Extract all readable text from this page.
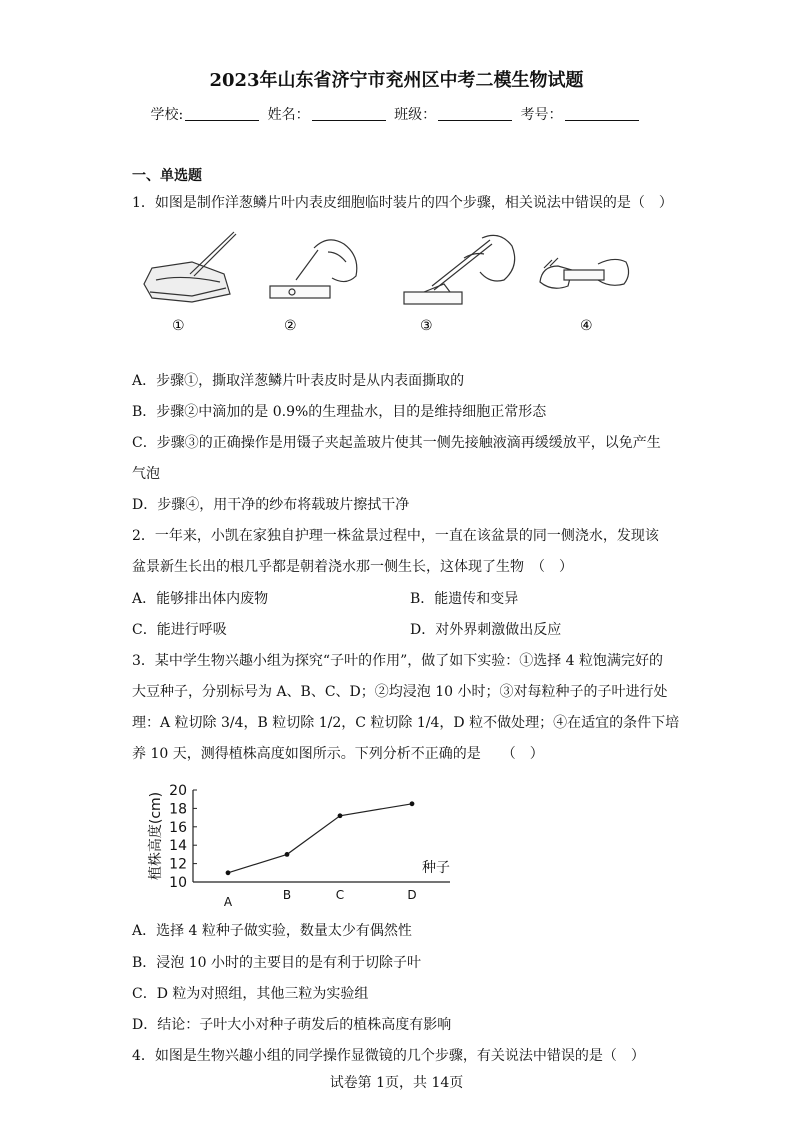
2023年山东省济宁市兖州区中考二模生物试题
学校:	姓名：	班级：	考号：
一、单选题
1．如图是制作洋葱鳞片叶内表皮细胞临时装片的四个步骤，相关说法中错误的是（　）
①	②	③	④
A．步骤①，撕取洋葱鳞片叶表皮时是从内表面撕取的
B．步骤②中滴加的是 0.9%的生理盐水，目的是维持细胞正常形态
C．步骤③的正确操作是用镊子夹起盖玻片使其一侧先接触液滴再缓缓放平，以免产生
气泡
D．步骤④，用干净的纱布将载玻片擦拭干净
2．一年来，小凯在家独自护理一株盆景过程中，一直在该盆景的同一侧浇水，发现该
盆景新生长出的根几乎都是朝着浇水那一侧生长，这体现了生物　（　）
A．能够排出体内废物	B．能遗传和变异
C．能进行呼吸	D．对外界刺激做出反应
3．某中学生物兴趣小组为探究“子叶的作用”，做了如下实验：①选择 4 粒饱满完好的
大豆种子，分别标号为 A、B、C、D；②均浸泡 10 小时；③对每粒种子的子叶进行处
理：A 粒切除 3/4，B 粒切除 1/2，C 粒切除 1/4，D 粒不做处理；④在适宜的条件下培
养 10 天，测得植株高度如图所示。下列分析不正确的是　　（　）
10
12
14
16
18
20
A	B	C	D
种子
植株高度(cm)
A．选择 4 粒种子做实验，数量太少有偶然性
B．浸泡 10 小时的主要目的是有利于切除子叶
C．D 粒为对照组，其他三粒为实验组
D．结论：子叶大小对种子萌发后的植株高度有影响
4．如图是生物兴趣小组的同学操作显微镜的几个步骤，有关说法中错误的是（　）
试卷第 1页，共 14页
